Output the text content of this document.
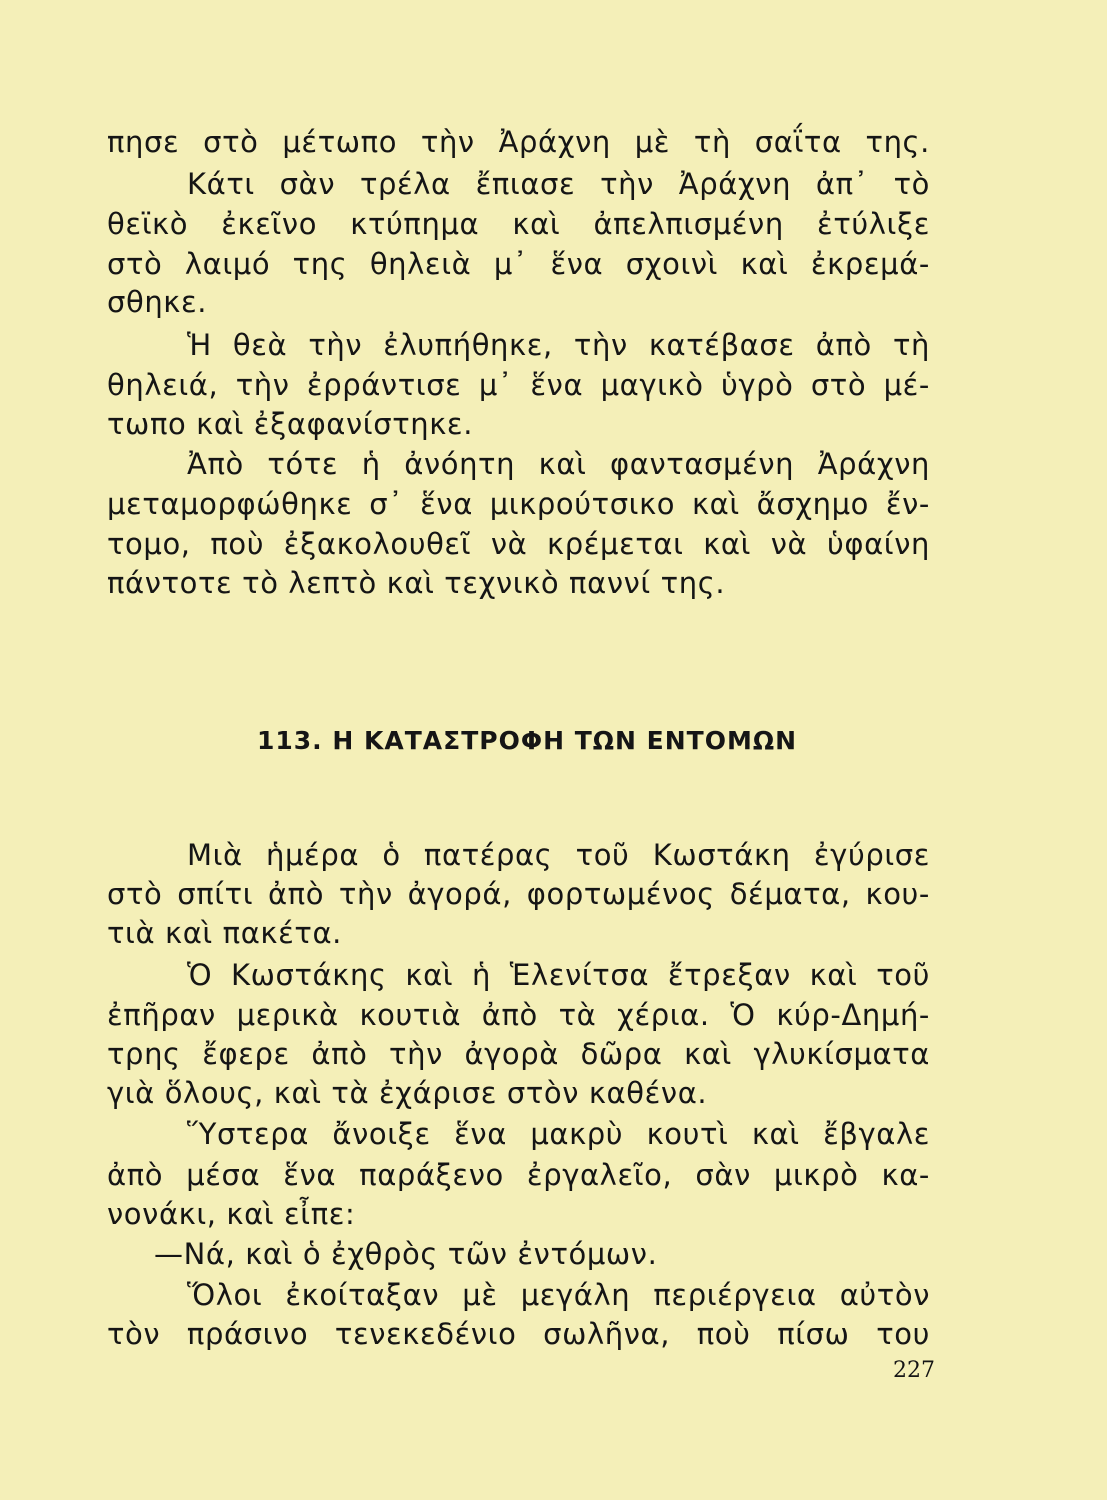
πησε στὸ μέτωπο τὴν Ἀράχνη μὲ τὴ σαΐτα της.
Κάτι σὰν τρέλα ἔπιασε τὴν Ἀράχνη ἀπ᾿ τὸ
θεϊκὸ ἐκεῖνο κτύπημα καὶ ἀπελπισμένη ἐτύλιξε
στὸ λαιμό της θηλειὰ μ᾿ ἕνα σχοινὶ καὶ ἐκρεμά-
σθηκε.
Ἡ θεὰ τὴν ἐλυπήθηκε, τὴν κατέβασε ἀπὸ τὴ
θηλειά, τὴν ἐρράντισε μ᾿ ἕνα μαγικὸ ὑγρὸ στὸ μέ-
τωπο καὶ ἐξαφανίστηκε.
Ἀπὸ τότε ἡ ἀνόητη καὶ φαντασμένη Ἀράχνη
μεταμορφώθηκε σ᾿ ἕνα μικρούτσικο καὶ ἄσχημο ἔν-
τομο, ποὺ ἐξακολουθεῖ νὰ κρέμεται καὶ νὰ ὑφαίνη
πάντοτε τὸ λεπτὸ καὶ τεχνικὸ παννί της.
113. Η ΚΑΤΑΣΤΡΟΦΗ ΤΩΝ ΕΝΤΟΜΩΝ
Μιὰ ἡμέρα ὁ πατέρας τοῦ Κωστάκη ἐγύρισε
στὸ σπίτι ἀπὸ τὴν ἀγορά, φορτωμένος δέματα, κου-
τιὰ καὶ πακέτα.
Ὁ Κωστάκης καὶ ἡ Ἑλενίτσα ἔτρεξαν καὶ τοῦ
ἐπῆραν μερικὰ κουτιὰ ἀπὸ τὰ χέρια. Ὁ κύρ-Δημή-
τρης ἔφερε ἀπὸ τὴν ἀγορὰ δῶρα καὶ γλυκίσματα
γιὰ ὅλους, καὶ τὰ ἐχάρισε στὸν καθένα.
Ὕστερα ἄνοιξε ἕνα μακρὺ κουτὶ καὶ ἔβγαλε
ἀπὸ μέσα ἕνα παράξενο ἐργαλεῖο, σὰν μικρὸ κα-
νονάκι, καὶ εἶπε:
—Νά, καὶ ὁ ἐχθρὸς τῶν ἐντόμων.
Ὅλοι ἐκοίταξαν μὲ μεγάλη περιέργεια αὐτὸν
τὸν πράσινο τενεκεδένιο σωλῆνα, ποὺ πίσω του
227
